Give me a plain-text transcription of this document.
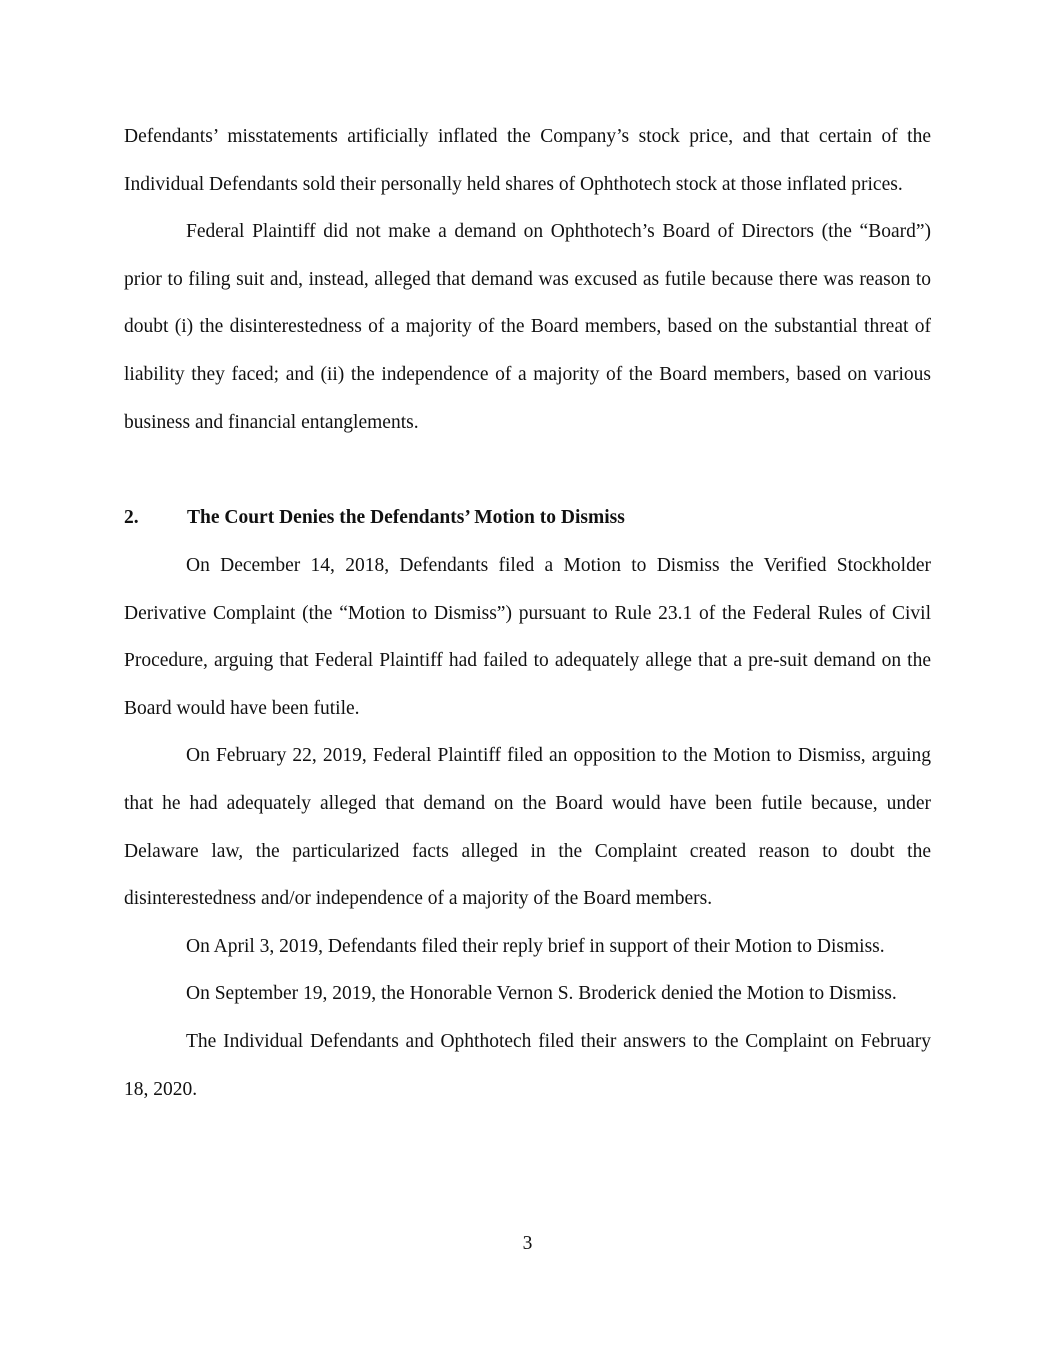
Defendants’ misstatements artificially inflated the Company’s stock price, and that certain of the Individual Defendants sold their personally held shares of Ophthotech stock at those inflated prices.

Federal Plaintiff did not make a demand on Ophthotech’s Board of Directors (the “Board”) prior to filing suit and, instead, alleged that demand was excused as futile because there was reason to doubt (i) the disinterestedness of a majority of the Board members, based on the substantial threat of liability they faced; and (ii) the independence of a majority of the Board members, based on various business and financial entanglements.

2. The Court Denies the Defendants’ Motion to Dismiss

On December 14, 2018, Defendants filed a Motion to Dismiss the Verified Stockholder Derivative Complaint (the “Motion to Dismiss”) pursuant to Rule 23.1 of the Federal Rules of Civil Procedure, arguing that Federal Plaintiff had failed to adequately allege that a pre-suit demand on the Board would have been futile.

On February 22, 2019, Federal Plaintiff filed an opposition to the Motion to Dismiss, arguing that he had adequately alleged that demand on the Board would have been futile because, under Delaware law, the particularized facts alleged in the Complaint created reason to doubt the disinterestedness and/or independence of a majority of the Board members.

On April 3, 2019, Defendants filed their reply brief in support of their Motion to Dismiss.

On September 19, 2019, the Honorable Vernon S. Broderick denied the Motion to Dismiss.

The Individual Defendants and Ophthotech filed their answers to the Complaint on February 18, 2020.

3
